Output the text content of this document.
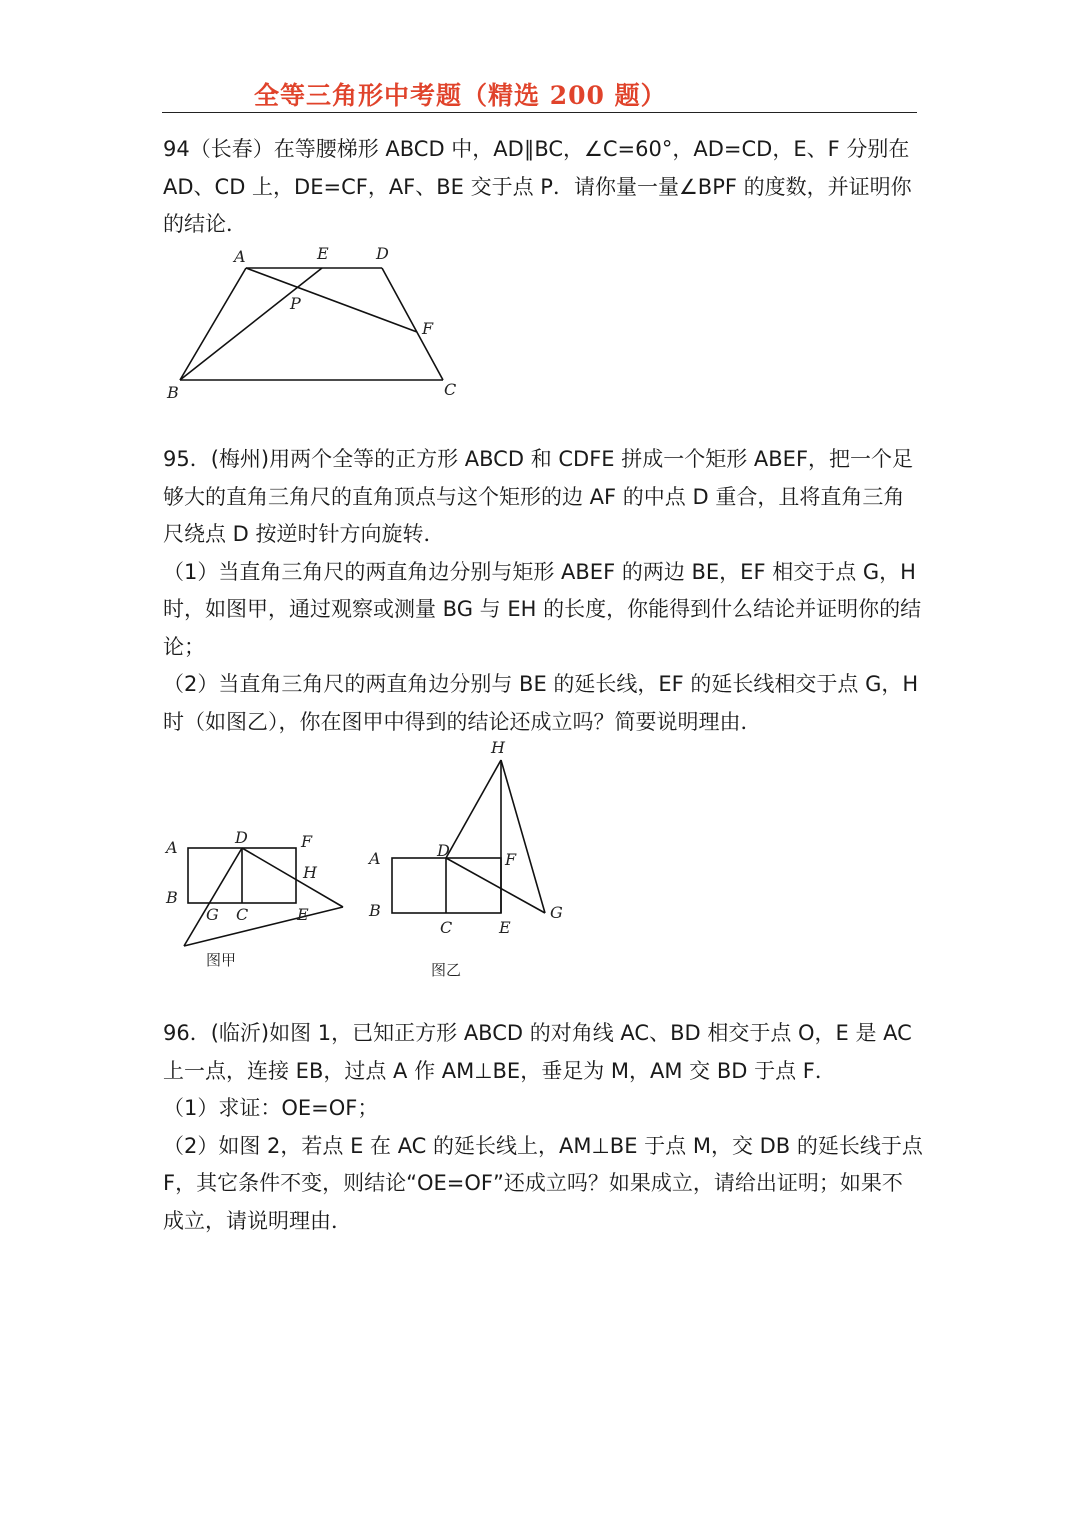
全等三角形中考题（精选 200 题）

94（长春）在等腰梯形 ABCD 中，AD∥BC，∠C=60°，AD=CD，E、F 分别在 AD、CD 上，DE=CF，AF、BE 交于点 P．请你量一量∠BPF 的度数，并证明你的结论．

A	E	D
P
F
B	C

95．(梅州)用两个全等的正方形 ABCD 和 CDFE 拼成一个矩形 ABEF，把一个足够大的直角三角尺的直角顶点与这个矩形的边 AF 的中点 D 重合，且将直角三角尺绕点 D 按逆时针方向旋转．

（1）当直角三角尺的两直角边分别与矩形 ABEF 的两边 BE，EF 相交于点 G，H 时，如图甲，通过观察或测量 BG 与 EH 的长度，你能得到什么结论并证明你的结论；

（2）当直角三角尺的两直角边分别与 BE 的延长线，EF 的延长线相交于点 G，H 时（如图乙），你在图甲中得到的结论还成立吗？简要说明理由．

A
D	F
H
B
G C	E
图甲
H
A	D	F
B
C	E
G
图乙

96．(临沂)如图 1，已知正方形 ABCD 的对角线 AC、BD 相交于点 O，E 是 AC 上一点，连接 EB，过点 A 作 AM⊥BE，垂足为 M，AM 交 BD 于点 F．

（1）求证：OE=OF；

（2）如图 2，若点 E 在 AC 的延长线上，AM⊥BE 于点 M，交 DB 的延长线于点 F，其它条件不变，则结论“OE=OF”还成立吗？如果成立，请给出证明；如果不成立，请说明理由．
